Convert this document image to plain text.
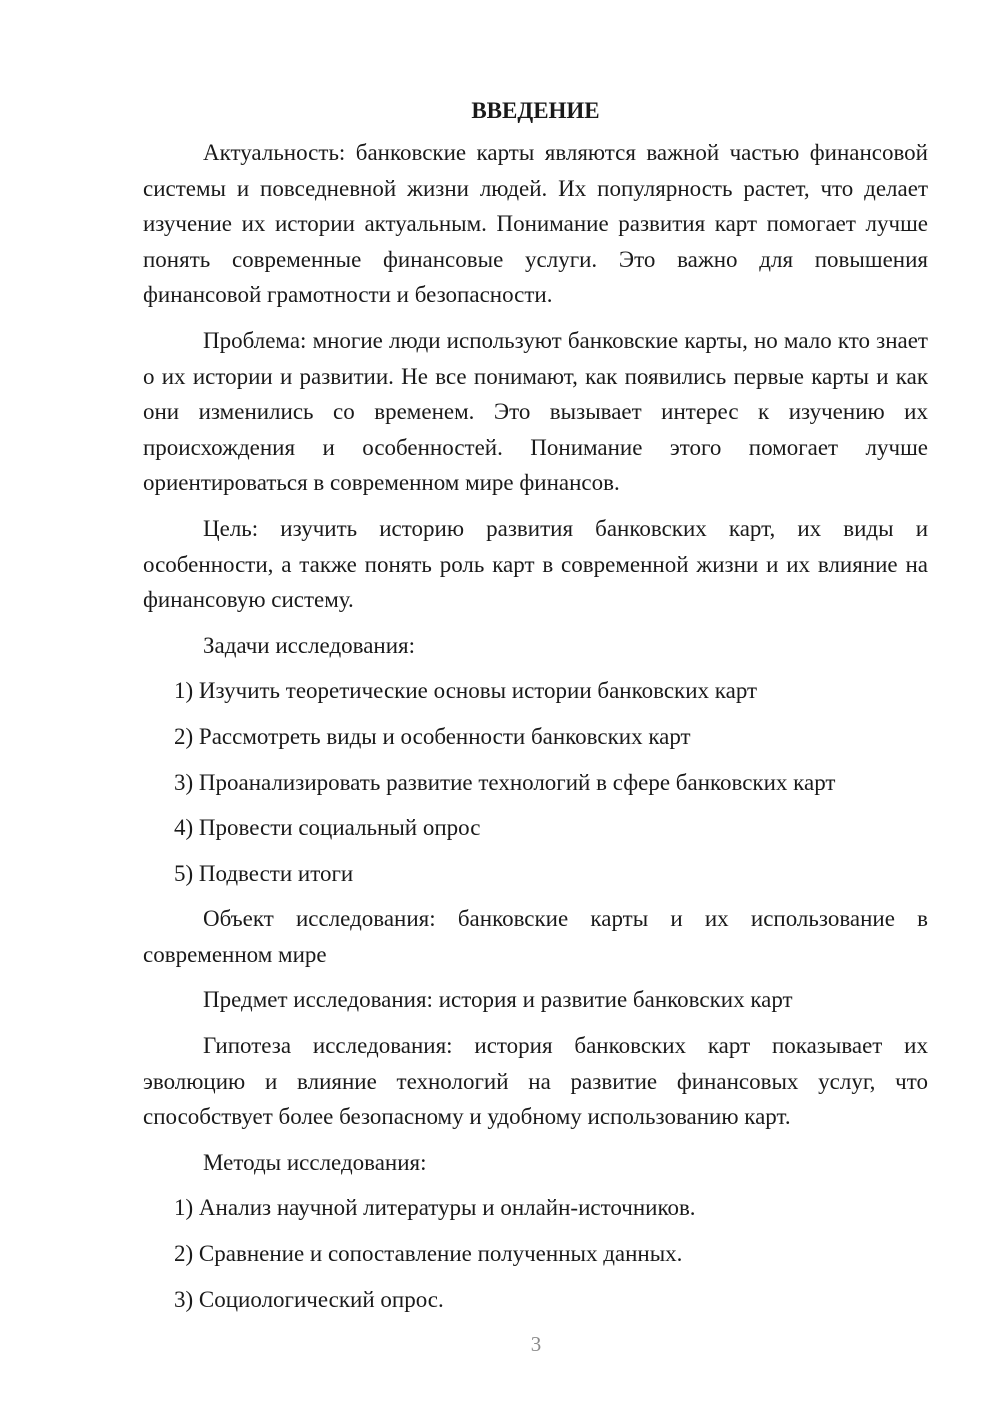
ВВЕДЕНИЕ
Актуальность: банковские карты являются важной частью финансовой системы и повседневной жизни людей. Их популярность растет, что делает изучение их истории актуальным. Понимание развития карт помогает лучше понять современные финансовые услуги. Это важно для повышения финансовой грамотности и безопасности.
Проблема: многие люди используют банковские карты, но мало кто знает о их истории и развитии. Не все понимают, как появились первые карты и как они изменились со временем. Это вызывает интерес к изучению их происхождения и особенностей. Понимание этого помогает лучше ориентироваться в современном мире финансов.
Цель: изучить историю развития банковских карт, их виды и особенности, а также понять роль карт в современной жизни и их влияние на финансовую систему.
Задачи исследования:
1) Изучить теоретические основы истории банковских карт
2) Рассмотреть виды и особенности банковских карт
3) Проанализировать развитие технологий в сфере банковских карт
4) Провести социальный опрос
5) Подвести итоги
Объект исследования: банковские карты и их использование в современном мире
Предмет исследования: история и развитие банковских карт
Гипотеза исследования: история банковских карт показывает их эволюцию и влияние технологий на развитие финансовых услуг, что способствует более безопасному и удобному использованию карт.
Методы исследования:
1) Анализ научной литературы и онлайн-источников.
2) Сравнение и сопоставление полученных данных.
3) Социологический опрос.
3
